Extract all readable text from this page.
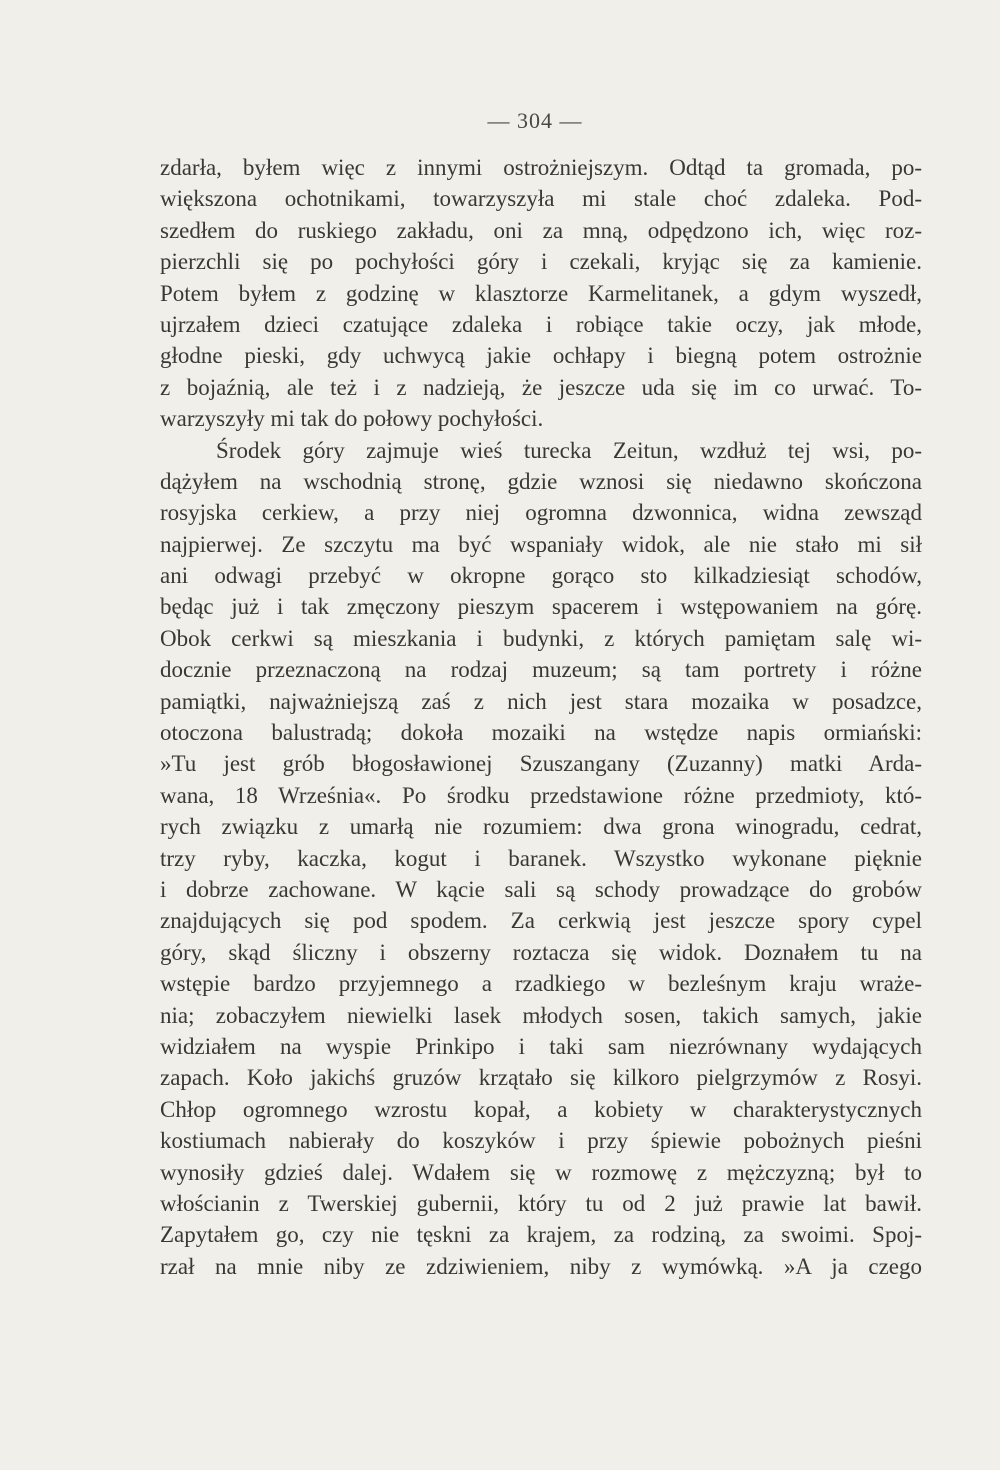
— 304 —
zdarła, byłem więc z innymi ostrożniejszym. Odtąd ta gromada, po-
większona ochotnikami, towarzyszyła mi stale choć zdaleka. Pod-
szedłem do ruskiego zakładu, oni za mną, odpędzono ich, więc roz-
pierzchli się po pochyłości góry i czekali, kryjąc się za kamienie.
Potem byłem z godzinę w klasztorze Karmelitanek, a gdym wyszedł,
ujrzałem dzieci czatujące zdaleka i robiące takie oczy, jak młode,
głodne pieski, gdy uchwycą jakie ochłapy i biegną potem ostrożnie
z bojaźnią, ale też i z nadzieją, że jeszcze uda się im co urwać. To-
warzyszyły mi tak do połowy pochyłości.
Środek góry zajmuje wieś turecka Zeitun, wzdłuż tej wsi, po-
dążyłem na wschodnią stronę, gdzie wznosi się niedawno skończona
rosyjska cerkiew, a przy niej ogromna dzwonnica, widna zewsząd
najpierwej. Ze szczytu ma być wspaniały widok, ale nie stało mi sił
ani odwagi przebyć w okropne gorąco sto kilkadziesiąt schodów,
będąc już i tak zmęczony pieszym spacerem i wstępowaniem na górę.
Obok cerkwi są mieszkania i budynki, z których pamiętam salę wi-
docznie przeznaczoną na rodzaj muzeum; są tam portrety i różne
pamiątki, najważniejszą zaś z nich jest stara mozaika w posadzce,
otoczona balustradą; dokoła mozaiki na wstędze napis ormiański:
»Tu jest grób błogosławionej Szuszangany (Zuzanny) matki Arda-
wana, 18 Września«. Po środku przedstawione różne przedmioty, któ-
rych związku z umarłą nie rozumiem: dwa grona winogradu, cedrat,
trzy ryby, kaczka, kogut i baranek. Wszystko wykonane pięknie
i dobrze zachowane. W kącie sali są schody prowadzące do grobów
znajdujących się pod spodem. Za cerkwią jest jeszcze spory cypel
góry, skąd śliczny i obszerny roztacza się widok. Doznałem tu na
wstępie bardzo przyjemnego a rzadkiego w bezleśnym kraju wraże-
nia; zobaczyłem niewielki lasek młodych sosen, takich samych, jakie
widziałem na wyspie Prinkipo i taki sam niezrównany wydających
zapach. Koło jakichś gruzów krzątało się kilkoro pielgrzymów z Rosyi.
Chłop ogromnego wzrostu kopał, a kobiety w charakterystycznych
kostiumach nabierały do koszyków i przy śpiewie pobożnych pieśni
wynosiły gdzieś dalej. Wdałem się w rozmowę z mężczyzną; był to
włościanin z Twerskiej gubernii, który tu od 2 już prawie lat bawił.
Zapytałem go, czy nie tęskni za krajem, za rodziną, za swoimi. Spoj-
rzał na mnie niby ze zdziwieniem, niby z wymówką. »A ja czego
